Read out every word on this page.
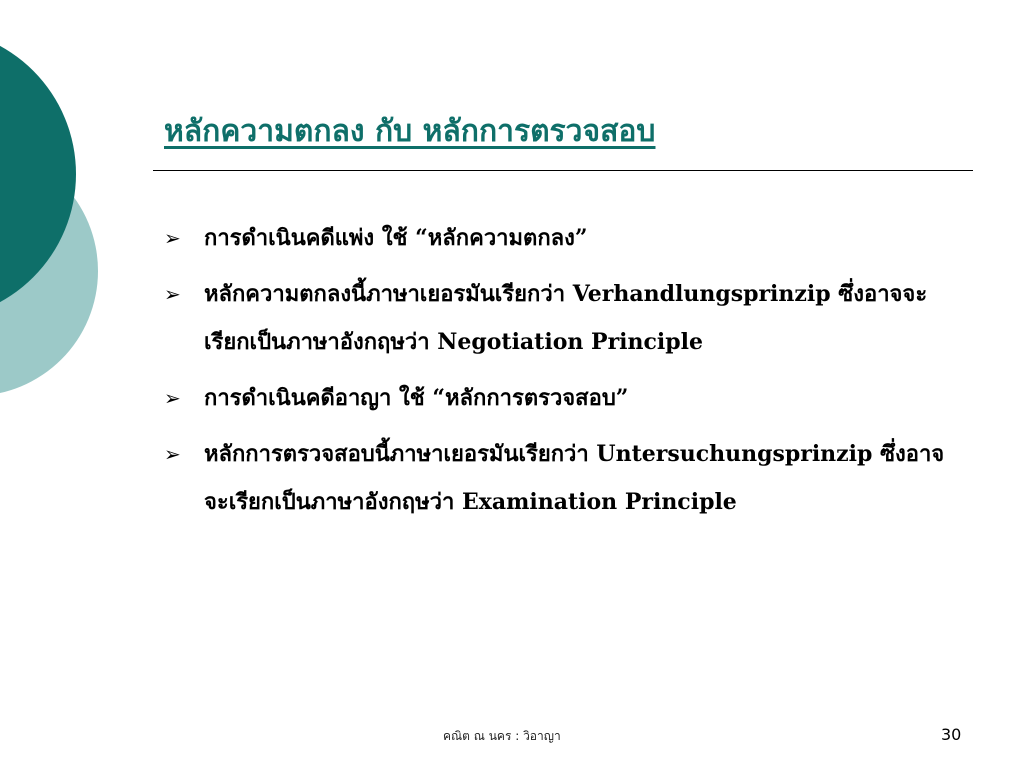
หลักความตกลง กับ หลักการตรวจสอบ
➢	การดำเนินคดีแพ่ง ใช้ “หลักความตกลง”
➢	หลักความตกลงนี้ภาษาเยอรมันเรียกว่า Verhandlungsprinzip ซึ่งอาจจะเรียกเป็นภาษาอังกฤษว่า Negotiation Principle
➢	การดำเนินคดีอาญา ใช้ “หลักการตรวจสอบ”
➢	หลักการตรวจสอบนี้ภาษาเยอรมันเรียกว่า Untersuchungsprinzip ซึ่งอาจจะเรียกเป็นภาษาอังกฤษว่า Examination Principle
คณิต ณ นคร : วิอาญา	30
